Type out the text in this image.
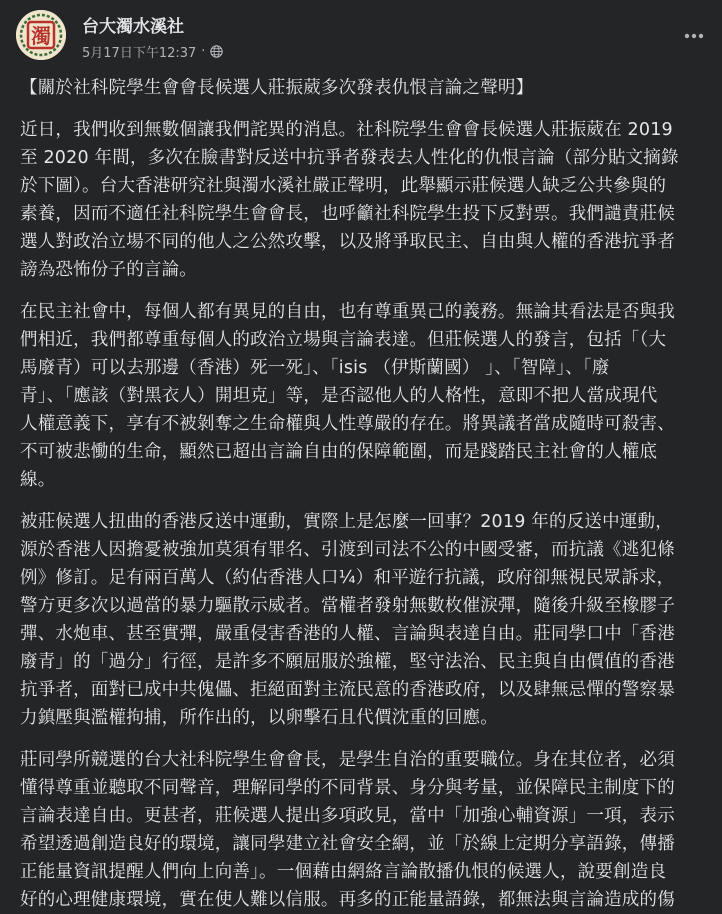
濁 台大濁水溪社
5月17日下午12:37 ·

【關於社科院學生會會長候選人莊振葳多次發表仇恨言論之聲明】

近日，我們收到無數個讓我們詫異的消息。社科院學生會會長候選人莊振葳在 2019
至 2020 年間，多次在臉書對反送中抗爭者發表去人性化的仇恨言論（部分貼文摘錄
於下圖）。台大香港研究社與濁水溪社嚴正聲明，此舉顯示莊候選人缺乏公共參與的
素養，因而不適任社科院學生會會長，也呼籲社科院學生投下反對票。我們譴責莊候
選人對政治立場不同的他人之公然攻擊，以及將爭取民主、自由與人權的香港抗爭者
謗為恐怖份子的言論。

在民主社會中，每個人都有異見的自由，也有尊重異己的義務。無論其看法是否與我
們相近，我們都尊重每個人的政治立場與言論表達。但莊候選人的發言，包括「（大
馬廢青）可以去那邊（香港）死一死」、「isis （伊斯蘭國） 」、「智障」、「廢
青」、「應該（對黑衣人）開坦克」等，是否認他人的人格性，意即不把人當成現代
人權意義下，享有不被剝奪之生命權與人性尊嚴的存在。將異議者當成隨時可殺害、
不可被悲慟的生命，顯然已超出言論自由的保障範圍，而是踐踏民主社會的人權底
線。

被莊候選人扭曲的香港反送中運動，實際上是怎麼一回事？2019 年的反送中運動，
源於香港人因擔憂被強加莫須有罪名、引渡到司法不公的中國受審，而抗議《逃犯條
例》修訂。足有兩百萬人（約佔香港人口¼）和平遊行抗議，政府卻無視民眾訴求，
警方更多次以過當的暴力驅散示威者。當權者發射無數枚催淚彈，隨後升級至橡膠子
彈、水炮車、甚至實彈，嚴重侵害香港的人權、言論與表達自由。莊同學口中「香港
廢青」的「過分」行徑，是許多不願屈服於強權，堅守法治、民主與自由價值的香港
抗爭者，面對已成中共傀儡、拒絕面對主流民意的香港政府，以及肆無忌憚的警察暴
力鎮壓與濫權拘捕，所作出的，以卵擊石且代價沈重的回應。

莊同學所競選的台大社科院學生會會長，是學生自治的重要職位。身在其位者，必須
懂得尊重並聽取不同聲音，理解同學的不同背景、身分與考量，並保障民主制度下的
言論表達自由。更甚者，莊候選人提出多項政見，當中「加強心輔資源」一項，表示
希望透過創造良好的環境，讓同學建立社會安全網，並「於線上定期分享語錄，傳播
正能量資訊提醒人們向上向善」。一個藉由網絡言論散播仇恨的候選人，說要創造良
好的心理健康環境，實在使人難以信服。再多的正能量語錄，都無法與言論造成的傷
